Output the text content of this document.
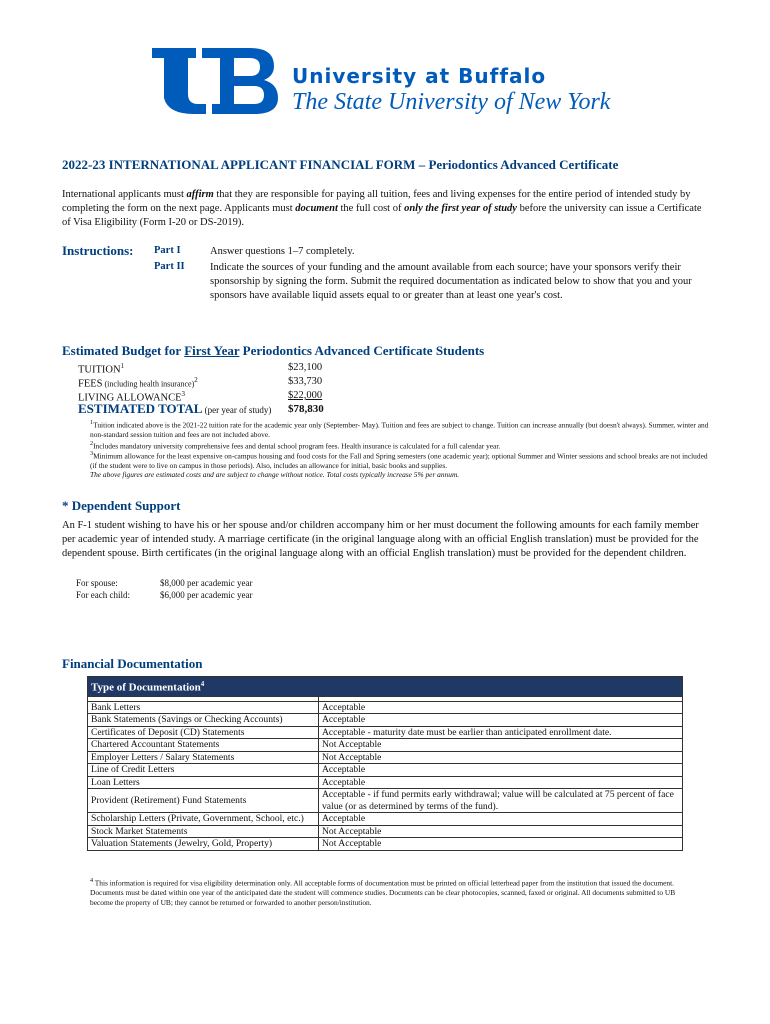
University at Buffalo
The State University of New York
2022-23 INTERNATIONAL APPLICANT FINANCIAL FORM – Periodontics Advanced Certificate
International applicants must affirm that they are responsible for paying all tuition, fees and living expenses for the entire period of intended study by completing the form on the next page. Applicants must document the full cost of only the first year of study before the university can issue a Certificate of Visa Eligibility (Form I-20 or DS-2019).
Instructions: Part I	Answer questions 1–7 completely.
Part II Indicate the sources of your funding and the amount available from each source; have your sponsors verify their sponsorship by signing the form. Submit the required documentation as indicated below to show that you and your sponsors have available liquid assets equal to or greater than at least one year's cost.
Estimated Budget for First Year Periodontics Advanced Certificate Students
TUITION$^1$	$23,100
FEES (including health insurance)$^2$	$33,730
LIVING ALLOWANCE$^3$	$22,000
ESTIMATED TOTAL (per year of study) $78,830
$^1$Tuition indicated above is the 2021-22 tuition rate for the academic year only (September- May). Tuition and fees are subject to change. Tuition can increase annually (but doesn't always). Summer, winter and non-standard session tuition and fees are not included above.
$^2$Includes mandatory university comprehensive fees and dental school program fees. Health insurance is calculated for a full calendar year.
$^3$Minimum allowance for the least expensive on-campus housing and food costs for the Fall and Spring semesters (one academic year); optional Summer and Winter sessions and school breaks are not included (if the student were to live on campus in those periods). Also, includes an allowance for initial, basic books and supplies.
The above figures are estimated costs and are subject to change without notice. Total costs typically increase 5% per annum.
* Dependent Support
An F-1 student wishing to have his or her spouse and/or children accompany him or her must document the following amounts for each family member per academic year of intended study. A marriage certificate (in the original language along with an official English translation) must be provided for the dependent spouse. Birth certificates (in the original language along with an official English translation) must be provided for the dependent children.
For spouse:	$8,000 per academic year
For each child:	$6,000 per academic year
Financial Documentation
Type of Documentation$^4$

Bank Letters	Acceptable
Bank Statements (Savings or Checking Accounts)	Acceptable
Certificates of Deposit (CD) Statements	Acceptable - maturity date must be earlier than anticipated enrollment date.
Chartered Accountant Statements	Not Acceptable
Employer Letters / Salary Statements	Not Acceptable
Line of Credit Letters	Acceptable
Loan Letters	Acceptable
Provident (Retirement) Fund Statements	Acceptable - if fund permits early withdrawal; value will be calculated at 75 percent of face value (or as determined by terms of the fund).
Scholarship Letters (Private, Government, School, etc.)	Acceptable
Stock Market Statements	Not Acceptable
Valuation Statements (Jewelry, Gold, Property)	Not Acceptable
$^4$ This information is required for visa eligibility determination only. All acceptable forms of documentation must be printed on official letterhead paper from the institution that issued the document. Documents must be dated within one year of the anticipated date the student will commence studies. Documents can be clear photocopies, scanned, faxed or original. All documents submitted to UB become the property of UB; they cannot be returned or forwarded to another person/institution.
